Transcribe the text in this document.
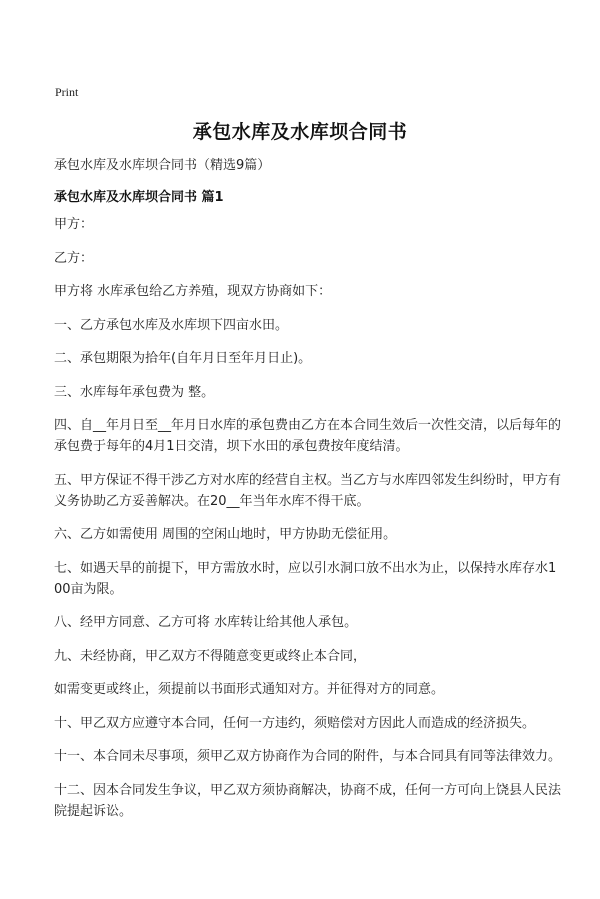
Print
承包水库及水库坝合同书
承包水库及水库坝合同书（精选9篇）
承包水库及水库坝合同书 篇1

甲方：

乙方：

甲方将 水库承包给乙方养殖，现双方协商如下：

一、乙方承包水库及水库坝下四亩水田。

二、承包期限为拾年(自年月日至年月日止)。

三、水库每年承包费为 整。

四、自__年月日至__年月日水库的承包费由乙方在本合同生效后一次性交清，以后每年的承包费于每年的4月1日交清，坝下水田的承包费按年度结清。

五、甲方保证不得干涉乙方对水库的经营自主权。当乙方与水库四邻发生纠纷时，甲方有义务协助乙方妥善解决。在20__年当年水库不得干底。

六、乙方如需使用 周围的空闲山地时，甲方协助无偿征用。

七、如遇天旱的前提下，甲方需放水时，应以引水洞口放不出水为止，以保持水库存水100亩为限。

八、经甲方同意、乙方可将 水库转让给其他人承包。

九、未经协商，甲乙双方不得随意变更或终止本合同，

如需变更或终止，须提前以书面形式通知对方。并征得对方的同意。

十、甲乙双方应遵守本合同，任何一方违约，须赔偿对方因此人而造成的经济损失。

十一、本合同未尽事项，须甲乙双方协商作为合同的附件，与本合同具有同等法律效力。

十二、因本合同发生争议，甲乙双方须协商解决，协商不成，任何一方可向上饶县人民法院提起诉讼。
